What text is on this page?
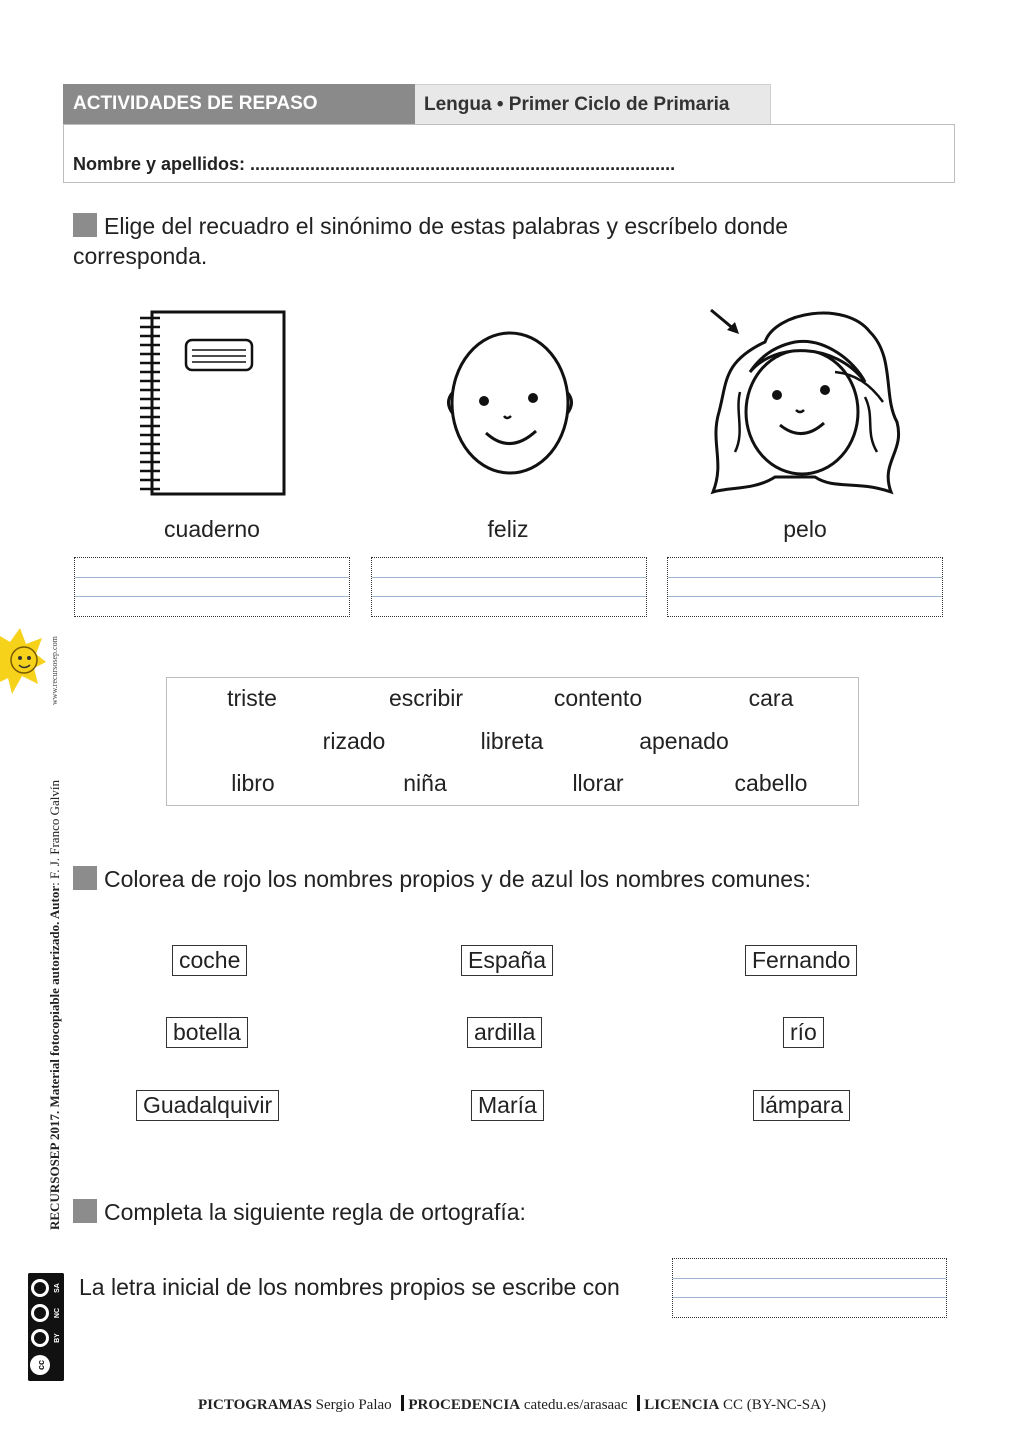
ACTIVIDADES DE REPASO	Lengua • Primer Ciclo de Primaria
Nombre y apellidos: .....................................................................................
Elige del recuadro el sinónimo de estas palabras y escríbelo donde corresponda.
cuaderno	feliz	pelo
triste	escribir	contento	cara
rizado	libreta	apenado
libro	niña	llorar	cabello
Colorea de rojo los nombres propios y de azul los nombres comunes:
coche	España	Fernando
botella	ardilla	río
Guadalquivir	María	lámpara
Completa la siguiente regla de ortografía:
La letra inicial de los nombres propios se escribe con
www.recursosep.com
RECURSOSEP 2017. Material fotocopiable autorizado. Autor: F. J. Franco Galvín
cc
BY
NC
SA
PICTOGRAMAS Sergio Palao PROCEDENCIA catedu.es/arasaac LICENCIA CC (BY-NC-SA)
